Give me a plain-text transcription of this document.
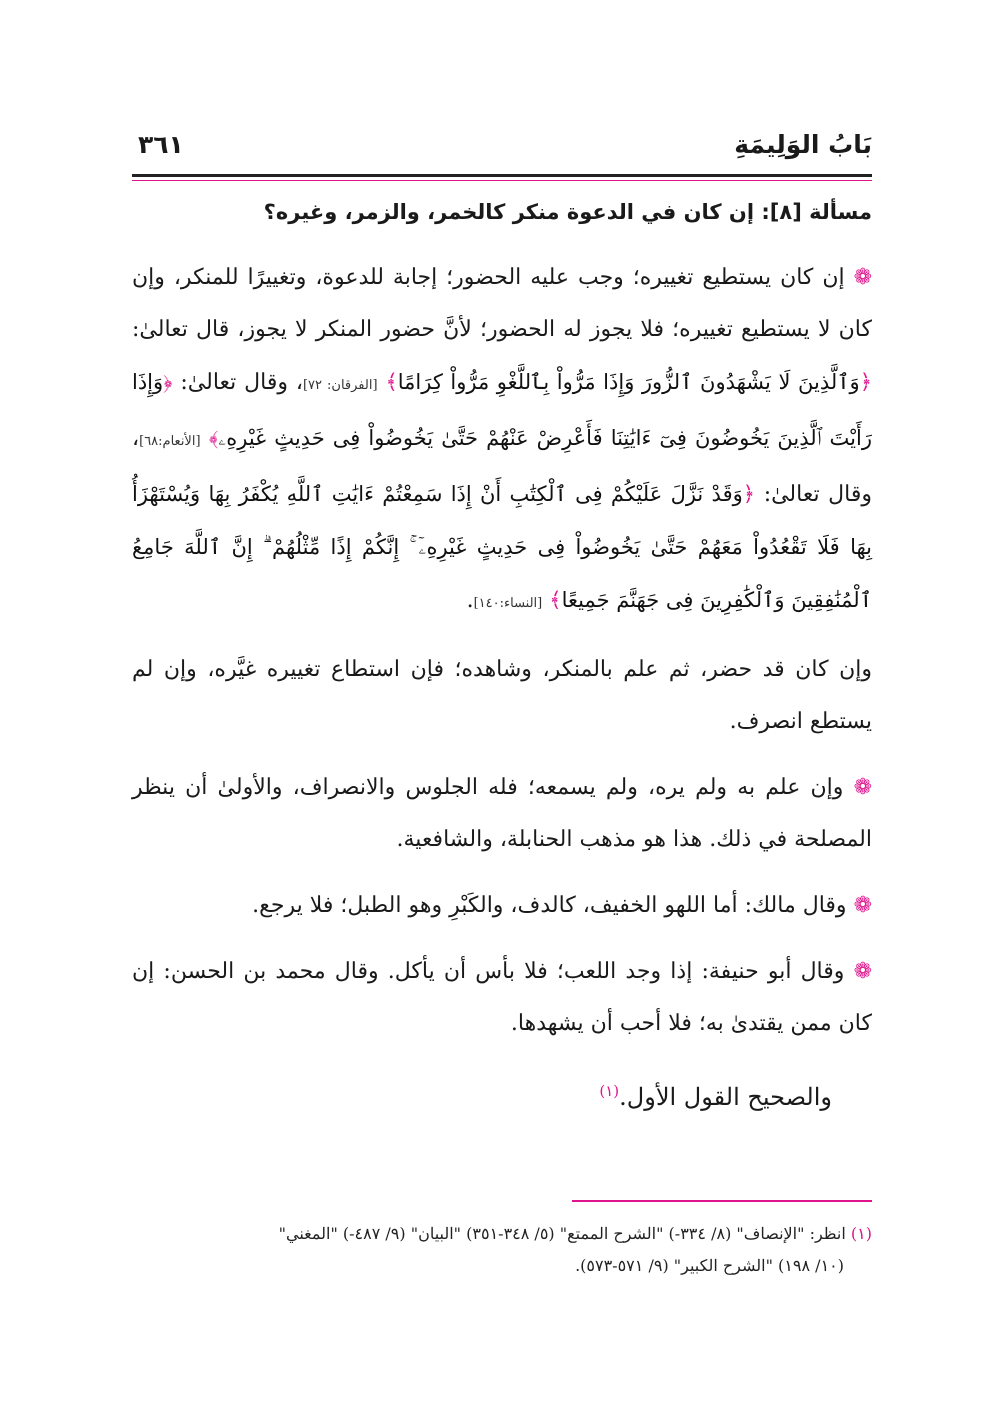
بَابُ الوَلِيمَةِ
٣٦١
مسألة [٨]: إن كان في الدعوة منكر كالخمر، والزمر، وغيره؟

❁ إن كان يستطيع تغييره؛ وجب عليه الحضور؛ إجابة للدعوة، وتغييرًا للمنكر، وإن كان لا يستطيع تغييره؛ فلا يجوز له الحضور؛ لأنَّ حضور المنكر لا يجوز، قال تعالىٰ: ﴿وَٱلَّذِينَ لَا يَشْهَدُونَ ٱلزُّورَ وَإِذَا مَرُّواْ بِٱللَّغْوِ مَرُّواْ كِرَامًا﴾ [الفرقان: ٧٢]، وقال تعالىٰ: ﴿وَإِذَا رَأَيْتَ ٱلَّذِينَ يَخُوضُونَ فِىٓ ءَايَٰتِنَا فَأَعْرِضْ عَنْهُمْ حَتَّىٰ يَخُوضُواْ فِى حَدِيثٍ غَيْرِهِۦ﴾ [الأنعام:٦٨]، وقال تعالىٰ: ﴿وَقَدْ نَزَّلَ عَلَيْكُمْ فِى ٱلْكِتَٰبِ أَنْ إِذَا سَمِعْتُمْ ءَايَٰتِ ٱللَّهِ يُكْفَرُ بِهَا وَيُسْتَهْزَأُ بِهَا فَلَا تَقْعُدُواْ مَعَهُمْ حَتَّىٰ يَخُوضُواْ فِى حَدِيثٍ غَيْرِهِۦٓ ۚ إِنَّكُمْ إِذًا مِّثْلُهُمْ ۗ إِنَّ ٱللَّهَ جَامِعُ ٱلْمُنَٰفِقِينَ وَٱلْكَٰفِرِينَ فِى جَهَنَّمَ جَمِيعًا﴾ [النساء:١٤٠].

وإن كان قد حضر، ثم علم بالمنكر، وشاهده؛ فإن استطاع تغييره غيَّره، وإن لم يستطع انصرف.

❁ وإن علم به ولم يره، ولم يسمعه؛ فله الجلوس والانصراف، والأولىٰ أن ينظر المصلحة في ذلك. هذا هو مذهب الحنابلة، والشافعية.

❁ وقال مالك: أما اللهو الخفيف، كالدف، والكَبْرِ وهو الطبل؛ فلا يرجع.

❁ وقال أبو حنيفة: إذا وجد اللعب؛ فلا بأس أن يأكل. وقال محمد بن الحسن: إن كان ممن يقتدىٰ به؛ فلا أحب أن يشهدها.

والصحيح القول الأول.$^{(١)}$

(١) انظر: "الإنصاف" (٨/ ٣٣٤-) "الشرح الممتع" (٥/ ٣٤٨-٣٥١) "البيان" (٩/ ٤٨٧-) "المغني"
(١٠/ ١٩٨) "الشرح الكبير" (٩/ ٥٧١-٥٧٣).
